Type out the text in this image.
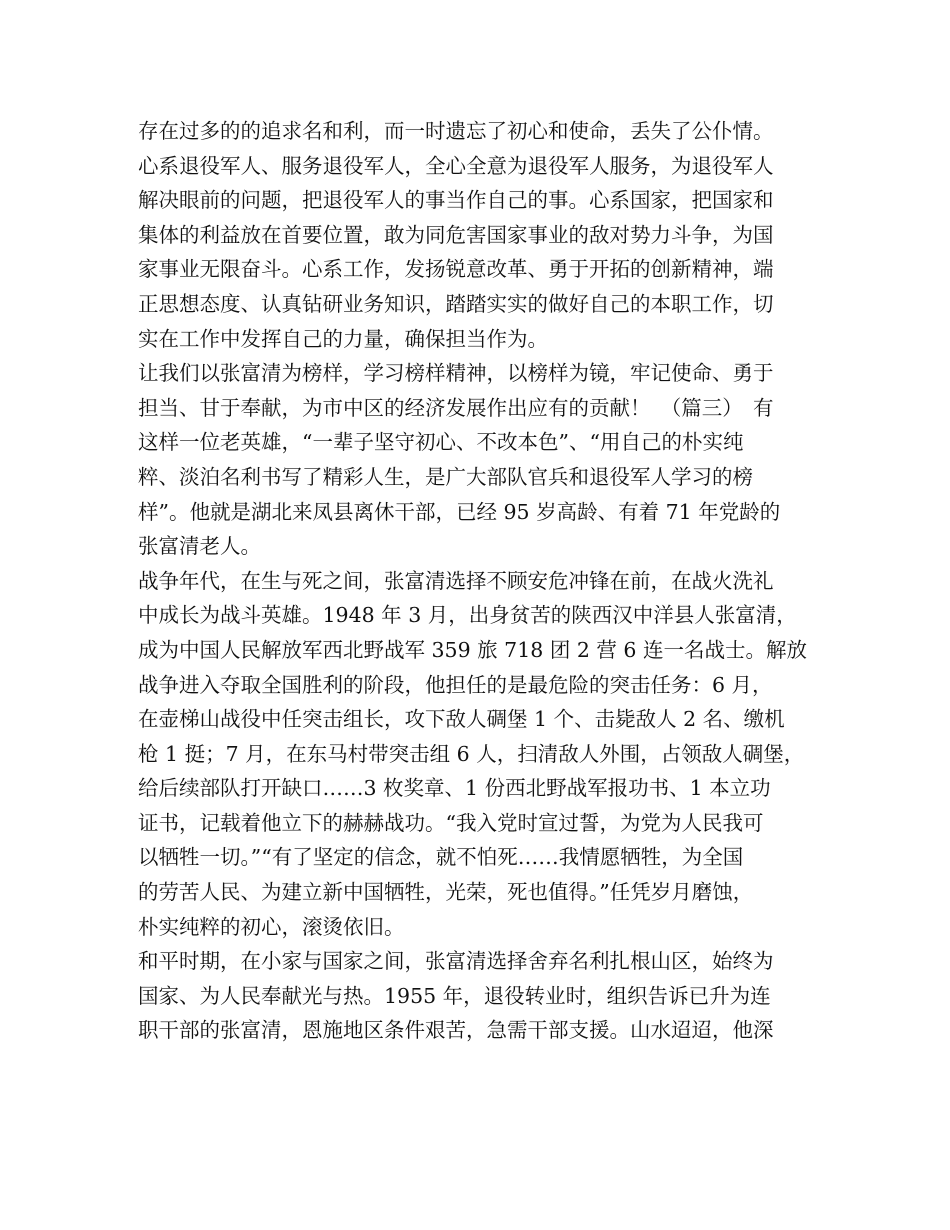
存在过多的的追求名和利，而一时遗忘了初心和使命，丢失了公仆情。
心系退役军人、服务退役军人，全心全意为退役军人服务，为退役军人
解决眼前的问题，把退役军人的事当作自己的事。心系国家，把国家和
集体的利益放在首要位置，敢为同危害国家事业的敌对势力斗争，为国
家事业无限奋斗。心系工作，发扬锐意改革、勇于开拓的创新精神，端
正思想态度、认真钻研业务知识，踏踏实实的做好自己的本职工作，切
实在工作中发挥自己的力量，确保担当作为。
让我们以张富清为榜样，学习榜样精神，以榜样为镜，牢记使命、勇于
担当、甘于奉献，为市中区的经济发展作出应有的贡献！　（篇三）　有
这样一位老英雄，“一辈子坚守初心、不改本色”、“用自己的朴实纯
粹、淡泊名利书写了精彩人生，是广大部队官兵和退役军人学习的榜
样”。他就是湖北来凤县离休干部，已经 95 岁高龄、有着 71 年党龄的
张富清老人。
战争年代，在生与死之间，张富清选择不顾安危冲锋在前，在战火洗礼
中成长为战斗英雄。1948 年 3 月，出身贫苦的陕西汉中洋县人张富清，
成为中国人民解放军西北野战军 359 旅 718 团 2 营 6 连一名战士。解放
战争进入夺取全国胜利的阶段，他担任的是最危险的突击任务：6 月，
在壶梯山战役中任突击组长，攻下敌人碉堡 1 个、击毙敌人 2 名、缴机
枪 1 挺；7 月，在东马村带突击组 6 人，扫清敌人外围，占领敌人碉堡，
给后续部队打开缺口……3 枚奖章、1 份西北野战军报功书、1 本立功
证书，记载着他立下的赫赫战功。“我入党时宣过誓，为党为人民我可
以牺牲一切。”“有了坚定的信念，就不怕死……我情愿牺牲，为全国
的劳苦人民、为建立新中国牺牲，光荣，死也值得。”任凭岁月磨蚀，
朴实纯粹的初心，滚烫依旧。
和平时期，在小家与国家之间，张富清选择舍弃名利扎根山区，始终为
国家、为人民奉献光与热。1955 年，退役转业时，组织告诉已升为连
职干部的张富清，恩施地区条件艰苦，急需干部支援。山水迢迢，他深
